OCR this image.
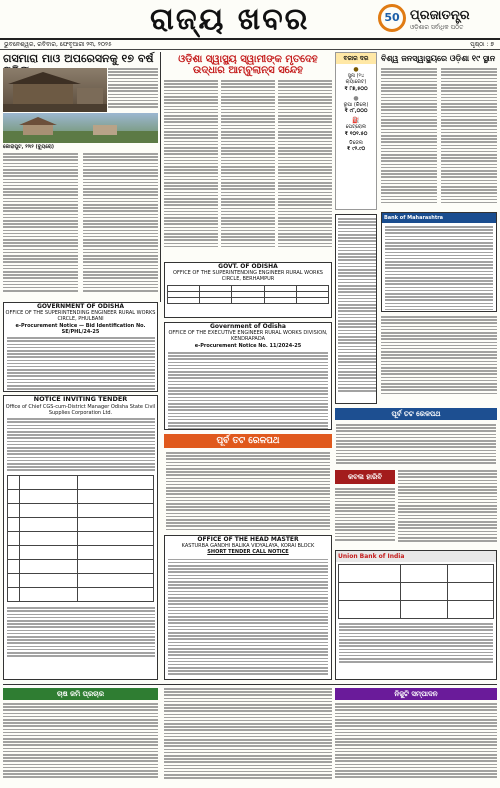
ରାଜ୍ୟ ଖବର	50 ପ୍ରଜାତନ୍ତ୍ର
ଓଡ଼ିଶାର ସର୍ବାଧିକ ପଠିତ
ଭୁବନେଶ୍ୱର, ରବିବାର, ଫେବୃଆରୀ ୨୩, ୨୦୨୫	ପୃଷ୍ଠା : ୭
ଗସମାରା ମାଓ ଅପରେସନକୁ ୧୭ ବର୍ଷ
କୋରାପୁଟ, ୨୨ା୨ (ବ୍ୟୁରୋ)
ଓଡ଼ିଶା ସ୍ୱାସ୍ଥ୍ୟ ସ୍ୱାମୀଙ୍କ ମୃତଦେହ ଉଦ୍ଧାର ଆମ୍ବୁଲାନ୍ସ ସନ୍ଦେହ
ବଜାର ଦର
●
ସୁନା (୨୪ କ୍ୟାରେଟ)
₹ ୮୭,୫୦୦
●
ରୂପା (କିଲୋ)
₹ ୯୮,୦୦୦
⛽
ପେଟ୍ରୋଲ
₹ ୧୦୧.୫୦
ଡିଜେଲ
₹ ୯୨.୯୦
ବିଶ୍ୱ ଜନସ୍ୱାସ୍ଥ୍ୟରେ ଓଡ଼ିଶା ୧୯ ସ୍ଥାନ
Bank of Maharashtra
GOVT. OF ODISHA
OFFICE OF THE SUPERINTENDING ENGINEER RURAL WORKS CIRCLE, BERHAMPUR

GOVERNMENT OF ODISHA
OFFICE OF THE SUPERINTENDING ENGINEER RURAL WORKS CIRCLE, PHULBANI
e-Procurement Notice — Bid Identification No. SE/PHL/24-25
NOTICE INVITING TENDER
Office of Chief CGS-cum-District Manager Odisha State Civil Supplies Corporation Ltd.

Government of Odisha
OFFICE OF THE EXECUTIVE ENGINEER RURAL WORKS DIVISION, KENDRAPADA
e-Procurement Notice No. 11/2024-25
ପୂର୍ବ ତଟ ରେଳପଥ
OFFICE OF THE HEAD MASTER
KASTURBA GANDHI BALIKA VIDYALAYA, KORAI BLOCK
SHORT TENDER CALL NOTICE
ପୂର୍ବ ତଟ ରେଳପଥ
କବଳା ହାରିବି
Union Bank of India

ଚାଷ ଜମି ପ୍ରଚାର	ନିଜୁଟି ସମ୍ପାଦନ
